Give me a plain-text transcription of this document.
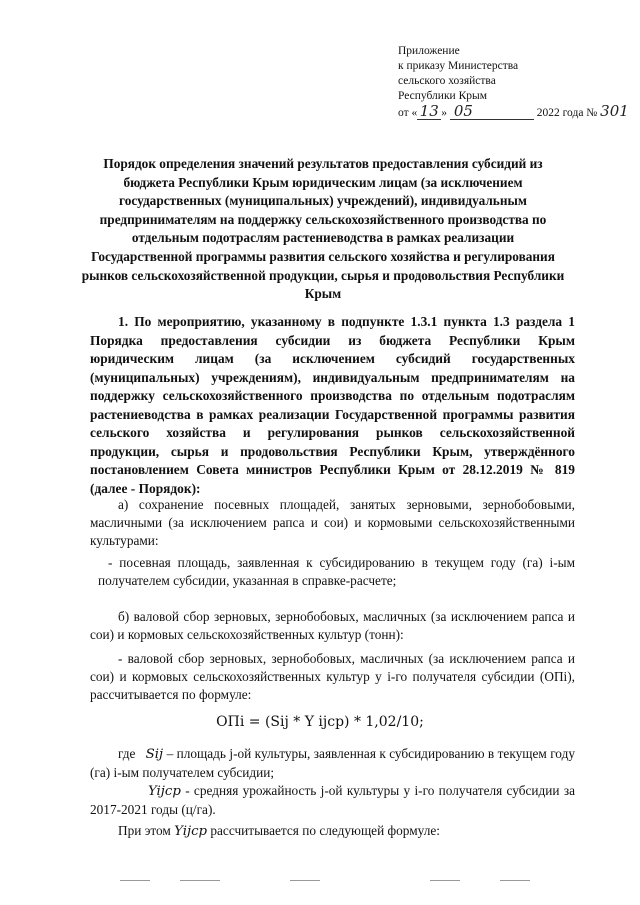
Приложение
к приказу Министерства
сельского хозяйства
Республики Крым
от « 13 » 05	2022 года № 301
Порядок определения значений результатов предоставления субсидий из бюджета Республики Крым юридическим лицам (за исключением государственных (муниципальных) учреждений), индивидуальным предпринимателям на поддержку сельскохозяйственного производства по отдельным подотраслям растениеводства в рамках реализации Государственной программы развития сельского хозяйства и регулирования рынков сельскохозяйственной продукции, сырья и продовольствия Республики Крым
1. По мероприятию, указанному в подпункте 1.3.1 пункта 1.3 раздела 1 Порядка предоставления субсидии из бюджета Республики Крым юридическим лицам (за исключением субсидий государственных (муниципальных) учреждениям), индивидуальным предпринимателям на поддержку сельскохозяйственного производства по отдельным подотраслям растениеводства в рамках реализации Государственной программы развития сельского хозяйства и регулирования рынков сельскохозяйственной продукции, сырья и продовольствия Республики Крым, утверждённого постановлением Совета министров Республики Крым от 28.12.2019 № 819 (далее - Порядок):
а) сохранение посевных площадей, занятых зерновыми, зернобобовыми, масличными (за исключением рапса и сои) и кормовыми сельскохозяйственными культурами:
- посевная площадь, заявленная к субсидированию в текущем году (га) i-ым получателем субсидии, указанная в справке-расчете;
б) валовой сбор зерновых, зернобобовых, масличных (за исключением рапса и сои) и кормовых сельскохозяйственных культур (тонн):
- валовой сбор зерновых, зернобобовых, масличных (за исключением рапса и сои) и кормовых сельскохозяйственных культур у i-го получателя субсидии (ОПi), рассчитывается по формуле:
ОПi = (Sij * Y ijcp) * 1,02/10;
где Sij – площадь j-ой культуры, заявленная к субсидированию в текущем году (га) i-ым получателем субсидии;
Yijcp - средняя урожайность j-ой культуры у i-го получателя субсидии за 2017-2021 годы (ц/га).
При этом Yijcp рассчитывается по следующей формуле:
